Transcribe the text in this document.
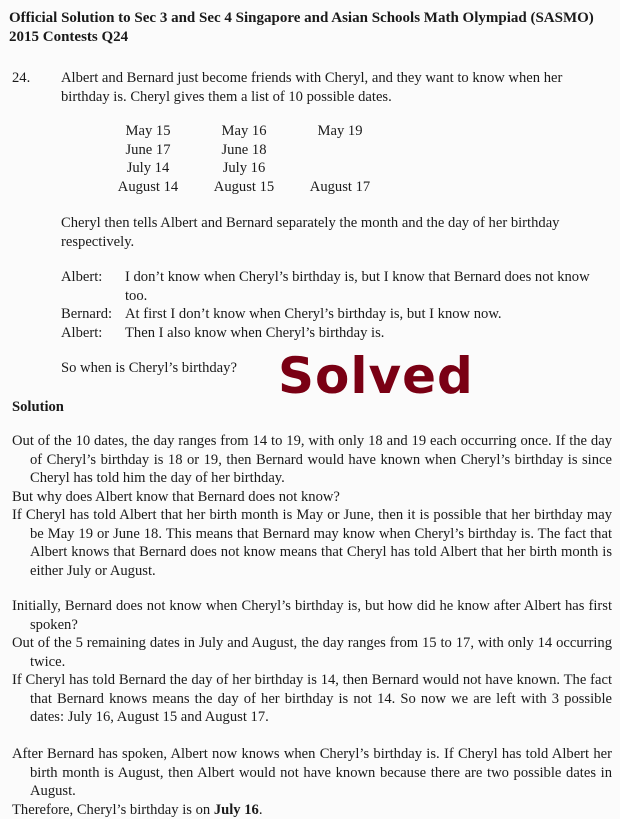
Official Solution to Sec 3 and Sec 4 Singapore and Asian Schools Math Olympiad (SASMO) 2015 Contests Q24
24. Albert and Bernard just become friends with Cheryl, and they want to know when her birthday is. Cheryl gives them a list of 10 possible dates.
May 15	May 16	May 19
June 17	June 18
July 14	July 16
August 14	August 15	August 17
Cheryl then tells Albert and Bernard separately the month and the day of her birthday respectively.
Albert:	I don’t know when Cheryl’s birthday is, but I know that Bernard does not know too.
Bernard: At first I don’t know when Cheryl’s birthday is, but I know now.
Albert:	Then I also know when Cheryl’s birthday is.
So when is Cheryl’s birthday? Solved
Solution

Out of the 10 dates, the day ranges from 14 to 19, with only 18 and 19 each occurring once. If the day of Cheryl’s birthday is 18 or 19, then Bernard would have known when Cheryl’s birthday is since Cheryl has told him the day of her birthday.

But why does Albert know that Bernard does not know?

If Cheryl has told Albert that her birth month is May or June, then it is possible that her birthday may be May 19 or June 18. This means that Bernard may know when Cheryl’s birthday is. The fact that Albert knows that Bernard does not know means that Cheryl has told Albert that her birth month is either July or August.

Initially, Bernard does not know when Cheryl’s birthday is, but how did he know after Albert has first spoken?

Out of the 5 remaining dates in July and August, the day ranges from 15 to 17, with only 14 occurring twice.

If Cheryl has told Bernard the day of her birthday is 14, then Bernard would not have known. The fact that Bernard knows means the day of her birthday is not 14. So now we are left with 3 possible dates: July 16, August 15 and August 17.

After Bernard has spoken, Albert now knows when Cheryl’s birthday is. If Cheryl has told Albert her birth month is August, then Albert would not have known because there are two possible dates in August.

Therefore, Cheryl’s birthday is on July 16.
